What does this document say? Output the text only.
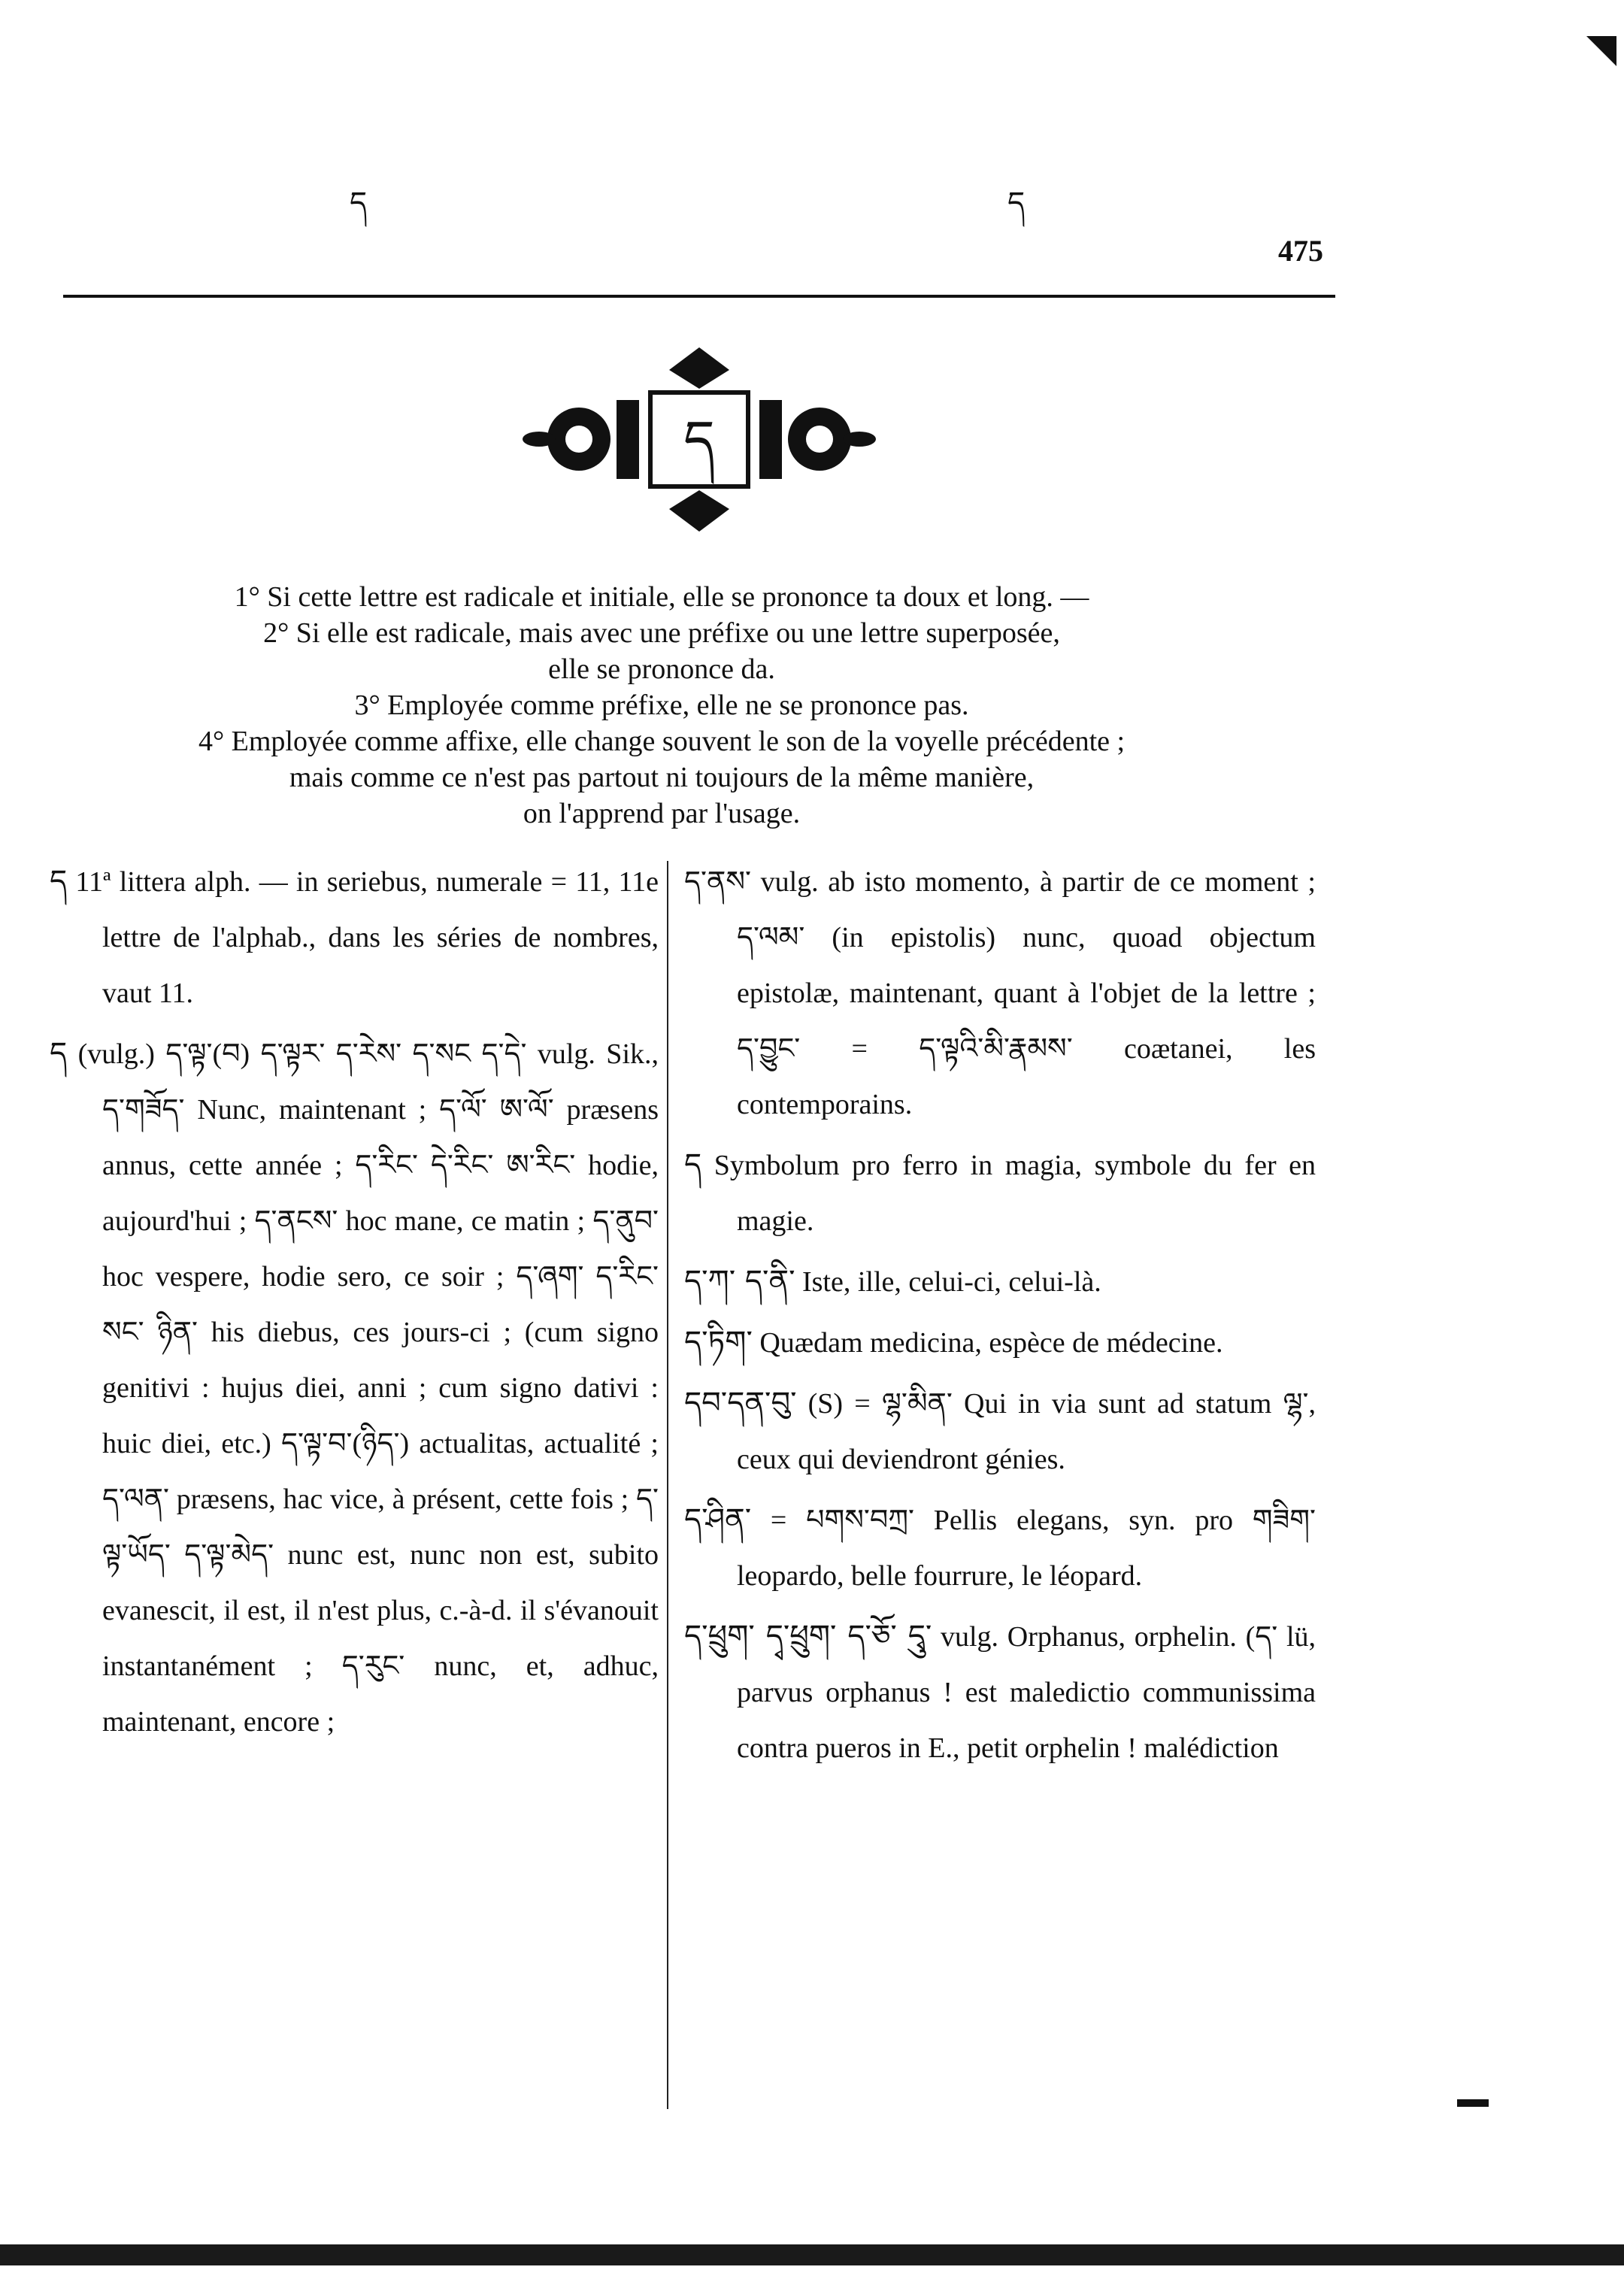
ད	ད
475
ད

1° Si cette lettre est radicale et initiale, elle se prononce ta doux et long. —

2° Si elle est radicale, mais avec une préfixe ou une lettre superposée,

elle se prononce da.

3° Employée comme préfixe, elle ne se prononce pas.

4° Employée comme affixe, elle change souvent le son de la voyelle précédente ;

mais comme ce n'est pas partout ni toujours de la même manière,

on l'apprend par l'usage.

ད 11ª littera alph. — in seriebus, numerale = 11, 11e lettre de l'alphab., dans les séries de nombres, vaut 11.

ད (vulg.) ད་ལྟ་(བ) ད་ལྟར་ ད་རེས་ ད་སང ད་དེ་ vulg. Sik., ད་གཟོད་ Nunc, maintenant ; ད་ལོ་ ཨ་ལོ་ præsens annus, cette année ; ད་རིང་ དེ་རིང་ ཨ་རིང་ hodie, aujourd'hui ; ད་ནངས་ hoc mane, ce matin ; ད་ནུབ་ hoc vespere, hodie sero, ce soir ; ད་ཞག་ ད་རིང་སང་ ཉིན་ his diebus, ces jours-ci ; (cum signo genitivi : hujus diei, anni ; cum signo dativi : huic diei, etc.) ད་ལྟ་བ་(ཉིད་) actualitas, actualité ; ད་ལན་ præsens, hac vice, à présent, cette fois ; ད་ལྟ་ཡོད་ ད་ལྟ་མེད་ nunc est, nunc non est, subito evanescit, il est, il n'est plus, c.-à-d. il s'évanouit instantanément ; ད་རུང་ nunc, et, adhuc, maintenant, encore ;

ད་ནས་ vulg. ab isto momento, à partir de ce moment ; ད་ལམ་ (in epistolis) nunc, quoad objectum epistolæ, maintenant, quant à l'objet de la lettre ; ད་བྱུང་ = ད་ལྟའི་མི་རྣམས་ coætanei, les contemporains.

ད Symbolum pro ferro in magia, symbole du fer en magie.

ད་ཀ་ ད་ནི་ Iste, ille, celui-ci, celui-là.

ད་ཏིག་ Quædam medicina, espèce de médecine.

དབ་དན་བུ་ (S) = ལྷ་མིན་ Qui in via sunt ad statum ལྷ་, ceux qui deviendront génies.

ད་ཤིན་ = པགས་བཀྲ་ Pellis elegans, syn. pro གཟིག་ leopardo, belle fourrure, le léopard.

ད་ཕྲུག་ དྭ་ཕྲུག་ ད་ཅོ་ དྭུ་ vulg. Orphanus, orphelin. (ད་ lü, parvus orphanus ! est maledictio communissima contra pueros in E., petit orphelin ! malédiction
